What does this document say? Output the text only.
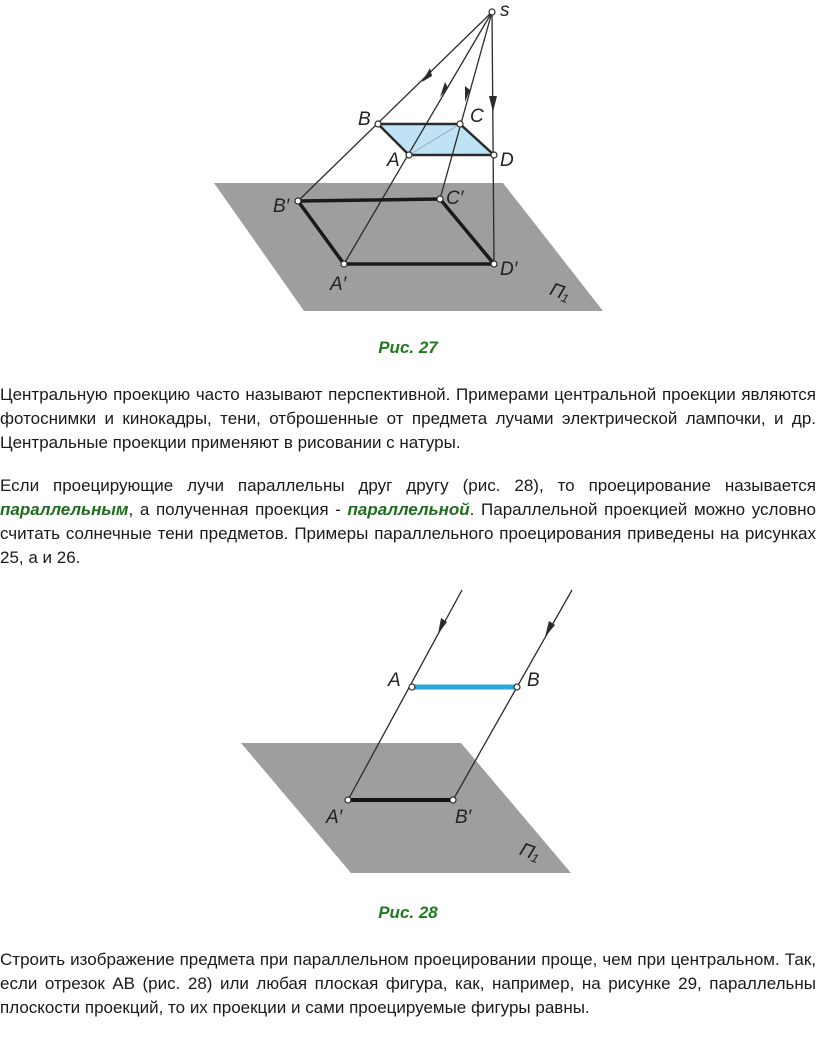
s
B	C
A	D
B′	C′
A′
D′
П₁
Рис. 27
Центральную проекцию часто называют перспективной. Примерами центральной проекции являются фотоснимки и кинокадры, тени, отброшенные от предмета лучами электрической лампочки, и др. Центральные проекции применяют в рисовании с натуры.
Если проецирующие лучи параллельны друг другу (рис. 28), то проецирование называется параллельным, а полученная проекция - параллельной. Параллельной проекцией можно условно считать солнечные тени предметов. Примеры параллельного проецирования приведены на рисунках 25, а и 26.
A	B
A′	B′
П₁
Рис. 28
Строить изображение предмета при параллельном проецировании проще, чем при центральном. Так, если отрезок АВ (рис. 28) или любая плоская фигура, как, например, на рисунке 29, параллельны плоскости проекций, то их проекции и сами проецируемые фигуры равны.
